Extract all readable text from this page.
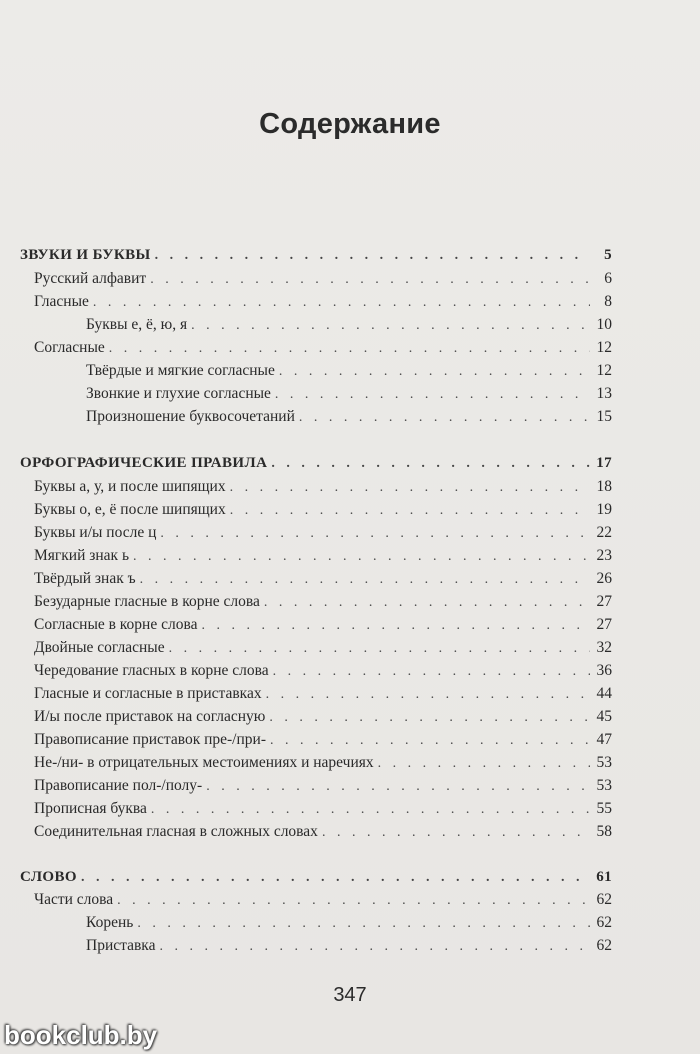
Содержание
ЗВУКИ И БУКВЫ . . .	5
Русский алфавит . . .	6
Гласные . . .	8
Буквы е, ё, ю, я . . .	10
Согласные . . .	12
Твёрдые и мягкие согласные . . .	12
Звонкие и глухие согласные . . .	13
Произношение буквосочетаний . . .	15
ОРФОГРАФИЧЕСКИЕ ПРАВИЛА . . .	17
Буквы а, у, и после шипящих . . .	18
Буквы о, е, ё после шипящих . . .	19
Буквы и/ы после ц . . .	22
Мягкий знак ь . . .	23
Твёрдый знак ъ . . .	26
Безударные гласные в корне слова . . .	27
Согласные в корне слова . . .	27
Двойные согласные . . .	32
Чередование гласных в корне слова . . .	36
Гласные и согласные в приставках . . .	44
И/ы после приставок на согласную . . .	45
Правописание приставок пре-/при- . . .	47
Не-/ни- в отрицательных местоимениях и наречиях . . .	53
Правописание пол-/полу- . . .	53
Прописная буква . . .	55
Соединительная гласная в сложных словах . . .	58
СЛОВО . . .	61
Части слова . . .	62
Корень . . .	62
Приставка . . .	62
347
bookclub.by
